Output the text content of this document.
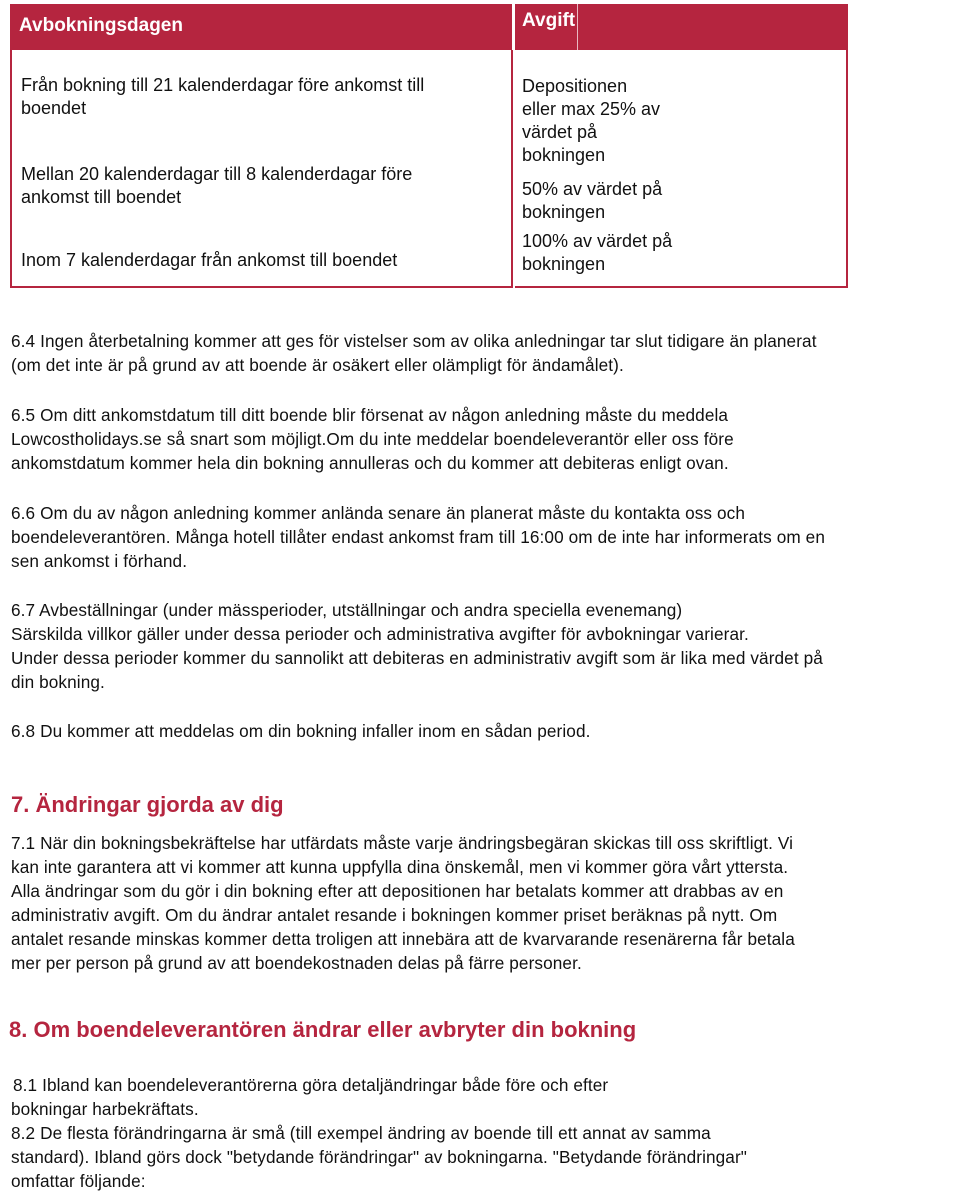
Avbokningsdagen	Avgift
Från bokning till 21 kalenderdagar före ankomst till
boendet
Mellan 20 kalenderdagar till 8 kalenderdagar före
ankomst till boendet
Inom 7 kalenderdagar från ankomst till boendet
Depositionen
eller max 25% av
värdet på
bokningen
50% av värdet på
bokningen
100% av värdet på
bokningen
6.4 Ingen återbetalning kommer att ges för vistelser som av olika anledningar tar slut tidigare än planerat
(om det inte är på grund av att boende är osäkert eller olämpligt för ändamålet).
6.5 Om ditt ankomstdatum till ditt boende blir försenat av någon anledning måste du meddela
Lowcostholidays.se så snart som möjligt.Om du inte meddelar boendeleverantör eller oss före
ankomstdatum kommer hela din bokning annulleras och du kommer att debiteras enligt ovan.
6.6 Om du av någon anledning kommer anlända senare än planerat måste du kontakta oss och
boendeleverantören. Många hotell tillåter endast ankomst fram till 16:00 om de inte har informerats om en
sen ankomst i förhand.
6.7 Avbeställningar (under mässperioder, utställningar och andra speciella evenemang)
Särskilda villkor gäller under dessa perioder och administrativa avgifter för avbokningar varierar.
Under dessa perioder kommer du sannolikt att debiteras en administrativ avgift som är lika med värdet på
din bokning.
6.8 Du kommer att meddelas om din bokning infaller inom en sådan period.
7. Ändringar gjorda av dig
7.1 När din bokningsbekräftelse har utfärdats måste varje ändringsbegäran skickas till oss skriftligt. Vi
kan inte garantera att vi kommer att kunna uppfylla dina önskemål, men vi kommer göra vårt yttersta.
Alla ändringar som du gör i din bokning efter att depositionen har betalats kommer att drabbas av en
administrativ avgift. Om du ändrar antalet resande i bokningen kommer priset beräknas på nytt. Om
antalet resande minskas kommer detta troligen att innebära att de kvarvarande resenärerna får betala
mer per person på grund av att boendekostnaden delas på färre personer.
8. Om boendeleverantören ändrar eller avbryter din bokning
8.1 Ibland kan boendeleverantörerna göra detaljändringar både före och efter
bokningar harbekräftats.
8.2 De flesta förändringarna är små (till exempel ändring av boende till ett annat av samma
standard). Ibland görs dock "betydande förändringar" av bokningarna. "Betydande förändringar"
omfattar följande:
